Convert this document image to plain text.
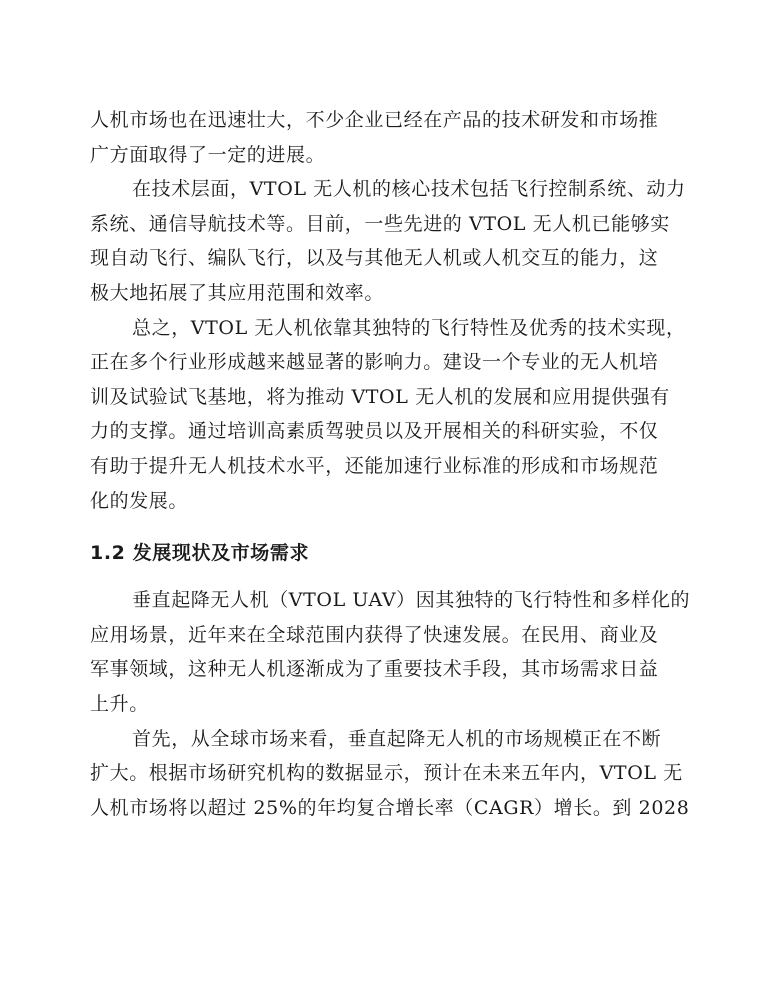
人机市场也在迅速壮大，不少企业已经在产品的技术研发和市场推
广方面取得了一定的进展。
在技术层面，VTOL 无人机的核心技术包括飞行控制系统、动力
系统、通信导航技术等。目前，一些先进的 VTOL 无人机已能够实
现自动飞行、编队飞行，以及与其他无人机或人机交互的能力，这
极大地拓展了其应用范围和效率。
总之，VTOL 无人机依靠其独特的飞行特性及优秀的技术实现，
正在多个行业形成越来越显著的影响力。建设一个专业的无人机培
训及试验试飞基地，将为推动 VTOL 无人机的发展和应用提供强有
力的支撑。通过培训高素质驾驶员以及开展相关的科研实验，不仅
有助于提升无人机技术水平，还能加速行业标准的形成和市场规范
化的发展。
1.2 发展现状及市场需求
垂直起降无人机（VTOL UAV）因其独特的飞行特性和多样化的
应用场景，近年来在全球范围内获得了快速发展。在民用、商业及
军事领域，这种无人机逐渐成为了重要技术手段，其市场需求日益
上升。
首先，从全球市场来看，垂直起降无人机的市场规模正在不断
扩大。根据市场研究机构的数据显示，预计在未来五年内，VTOL 无
人机市场将以超过 25%的年均复合增长率（CAGR）增长。到 2028
